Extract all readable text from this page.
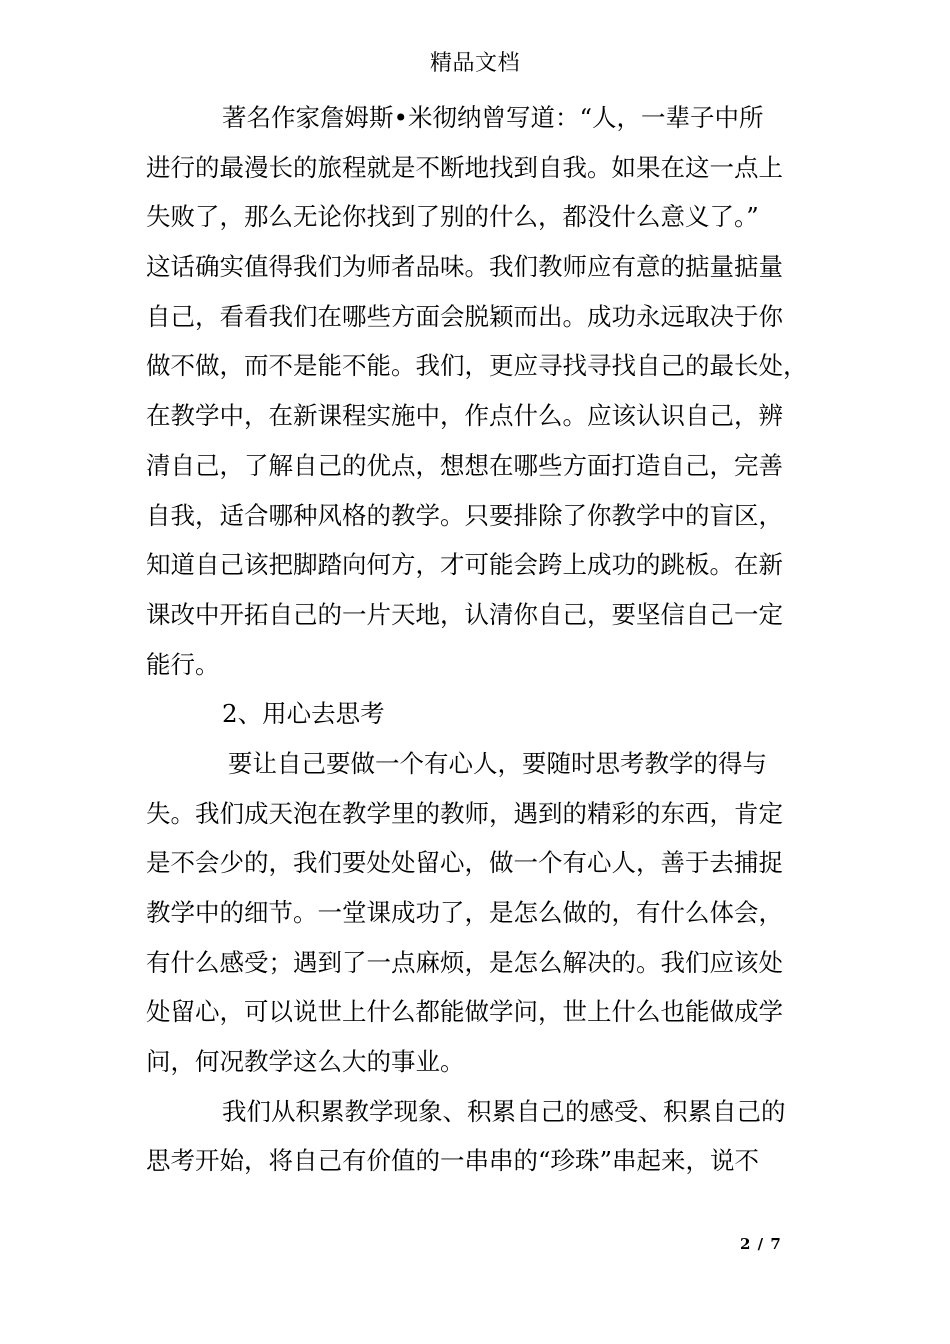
精品文档
著名作家詹姆斯•米彻纳曾写道：“人，一辈子中所
进行的最漫长的旅程就是不断地找到自我。如果在这一点上
失败了，那么无论你找到了别的什么，都没什么意义了。”
这话确实值得我们为师者品味。我们教师应有意的掂量掂量
自己，看看我们在哪些方面会脱颖而出。成功永远取决于你
做不做，而不是能不能。我们，更应寻找寻找自己的最长处，
在教学中，在新课程实施中，作点什么。应该认识自己，辨
清自己，了解自己的优点，想想在哪些方面打造自己，完善
自我，适合哪种风格的教学。只要排除了你教学中的盲区，
知道自己该把脚踏向何方，才可能会跨上成功的跳板。在新
课改中开拓自己的一片天地，认清你自己，要坚信自己一定
能行。
2、用心去思考
要让自己要做一个有心人，要随时思考教学的得与
失。我们成天泡在教学里的教师，遇到的精彩的东西，肯定
是不会少的，我们要处处留心，做一个有心人，善于去捕捉
教学中的细节。一堂课成功了，是怎么做的，有什么体会，
有什么感受；遇到了一点麻烦，是怎么解决的。我们应该处
处留心，可以说世上什么都能做学问，世上什么也能做成学
问，何况教学这么大的事业。
我们从积累教学现象、积累自己的感受、积累自己的
思考开始，将自己有价值的一串串的“珍珠”串起来，说不
2 / 7
